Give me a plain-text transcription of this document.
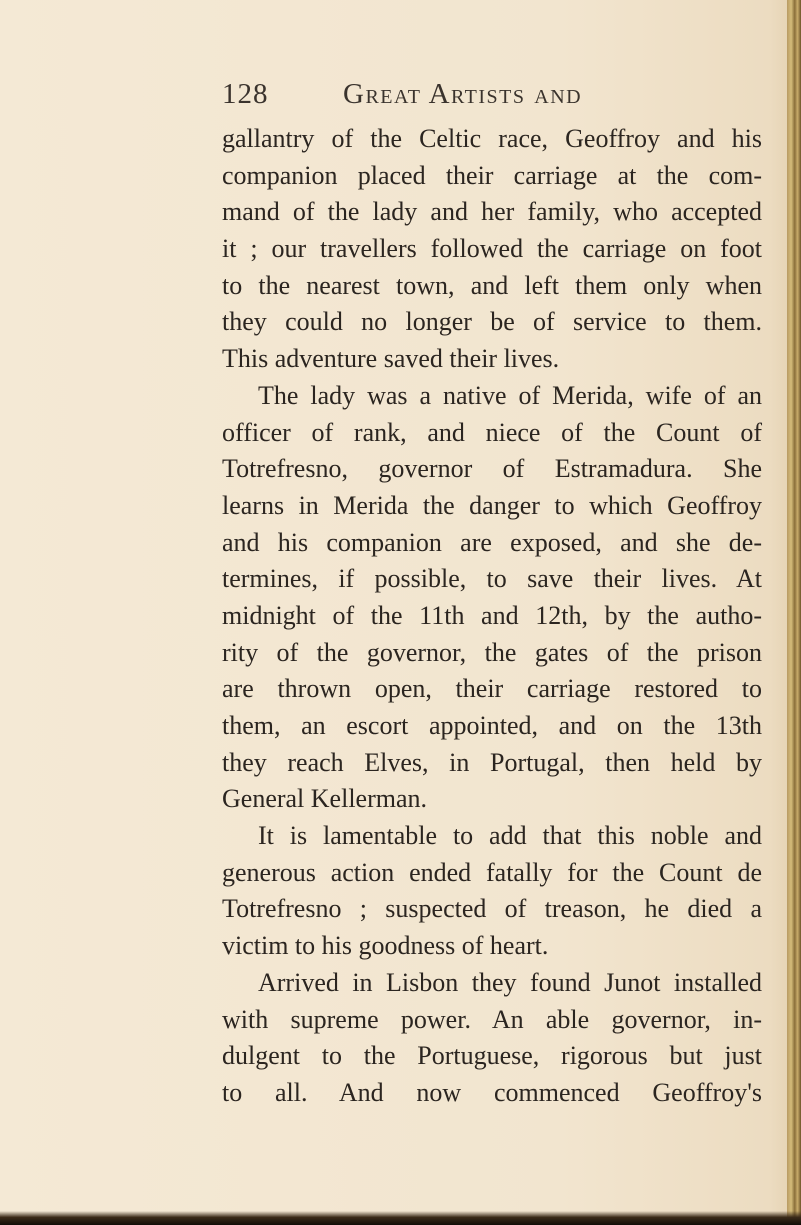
128	Great Artists and
gallantry of the Celtic race, Geoffroy and his
companion placed their carriage at the com-
mand of the lady and her family, who accepted
it ; our travellers followed the carriage on foot
to the nearest town, and left them only when
they could no longer be of service to them.
This adventure saved their lives.
The lady was a native of Merida, wife of an
officer of rank, and niece of the Count of
Totrefresno, governor of Estramadura. She
learns in Merida the danger to which Geoffroy
and his companion are exposed, and she de-
termines, if possible, to save their lives. At
midnight of the 11th and 12th, by the autho-
rity of the governor, the gates of the prison
are thrown open, their carriage restored to
them, an escort appointed, and on the 13th
they reach Elves, in Portugal, then held by
General Kellerman.
It is lamentable to add that this noble and
generous action ended fatally for the Count de
Totrefresno ; suspected of treason, he died a
victim to his goodness of heart.
Arrived in Lisbon they found Junot installed
with supreme power. An able governor, in-
dulgent to the Portuguese, rigorous but just
to all. And now commenced Geoffroy's
